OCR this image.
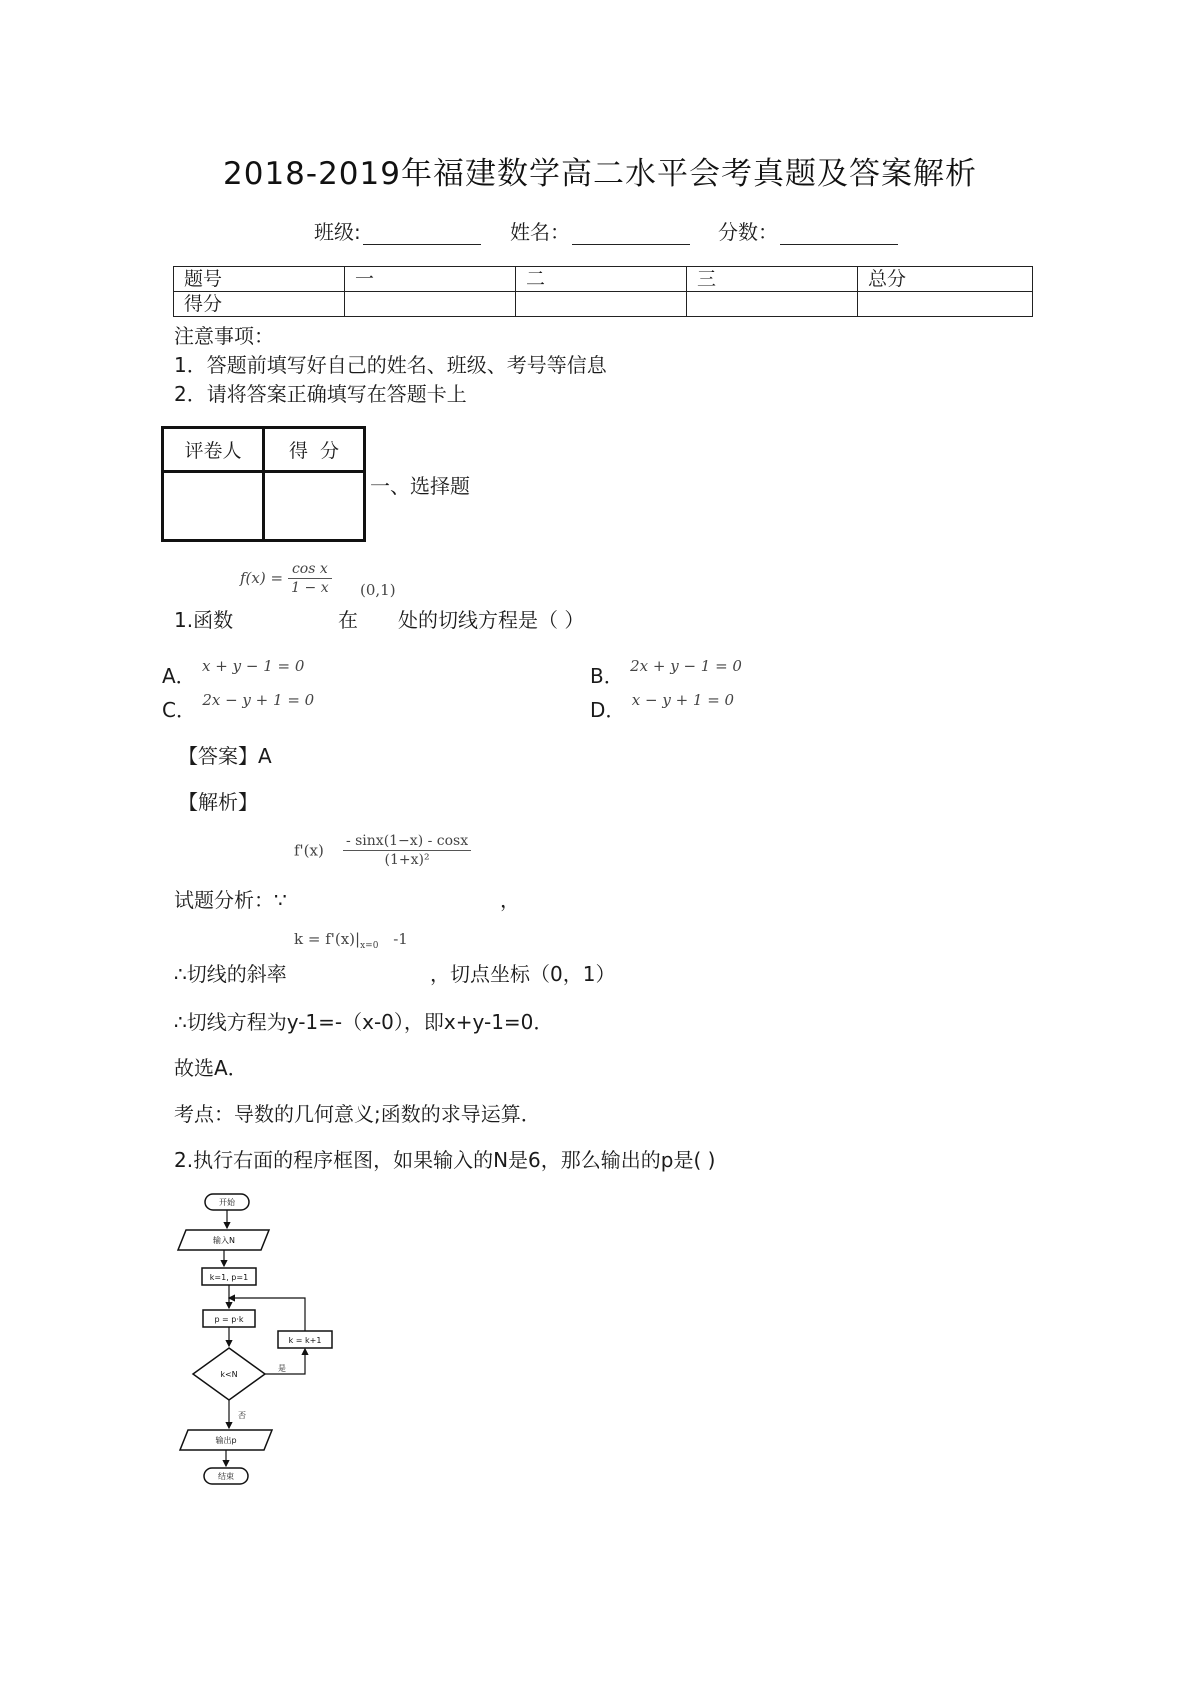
2018-2019年福建数学高二水平会考真题及答案解析
班级:	姓名：	分数：
题号	一	二	三	总分
得分				
注意事项：
1．答题前填写好自己的姓名、班级、考号等信息
2．请将答案正确填写在答题卡上
评卷人	得  分

一、选择题
$f(x) = \frac{\text{cos x}}{1 - x} (0,1)$
1.函数	在 处的切线方程是（ ）
A． $^{x + y - 1 = 0}$	B． $^{2x + y - 1 = 0}$
C． $^{2x - y + 1 = 0}$	D． $^{x - y + 1 = 0}$
【答案】A
【解析】
$f'(x) \frac{- \sin x(1-x) - \cos x}{\text{(1+x)²}}$
试题分析：∵	，
$k = f'(x)|_{x=0}$ -1
∴切线的斜率	，切点坐标（0，1）
∴切线方程为y-1=-（x-0），即x+y-1=0．
故选A．
考点：导数的几何意义;函数的求导运算．
2.执行右面的程序框图，如果输入的N是6，那么输出的p是( )
开始
输入N
k=1, p=1
p = p·k
k<N
是
k = k+1
否
输出p
结束
